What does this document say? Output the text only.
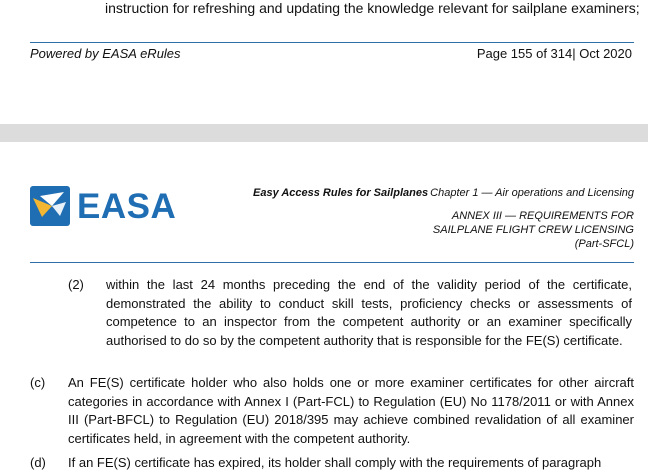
instruction for refreshing and updating the knowledge relevant for sailplane examiners;
Powered by EASA eRules	Page 155 of 314| Oct 2020
EASA	Easy Access Rules for Sailplanes Chapter 1 — Air operations and Licensing
ANNEX III — REQUIREMENTS FOR SAILPLANE FLIGHT CREW LICENSING (Part-SFCL)
(2) within the last 24 months preceding the end of the validity period of the certificate, demonstrated the ability to conduct skill tests, proficiency checks or assessments of competence to an inspector from the competent authority or an examiner specifically authorised to do so by the competent authority that is responsible for the FE(S) certificate.
(c) An FE(S) certificate holder who also holds one or more examiner certificates for other aircraft categories in accordance with Annex I (Part-FCL) to Regulation (EU) No 1178/2011 or with Annex III (Part-BFCL) to Regulation (EU) 2018/395 may achieve combined revalidation of all examiner certificates held, in agreement with the competent authority.
(d) If an FE(S) certificate has expired, its holder shall comply with the requirements of paragraph
